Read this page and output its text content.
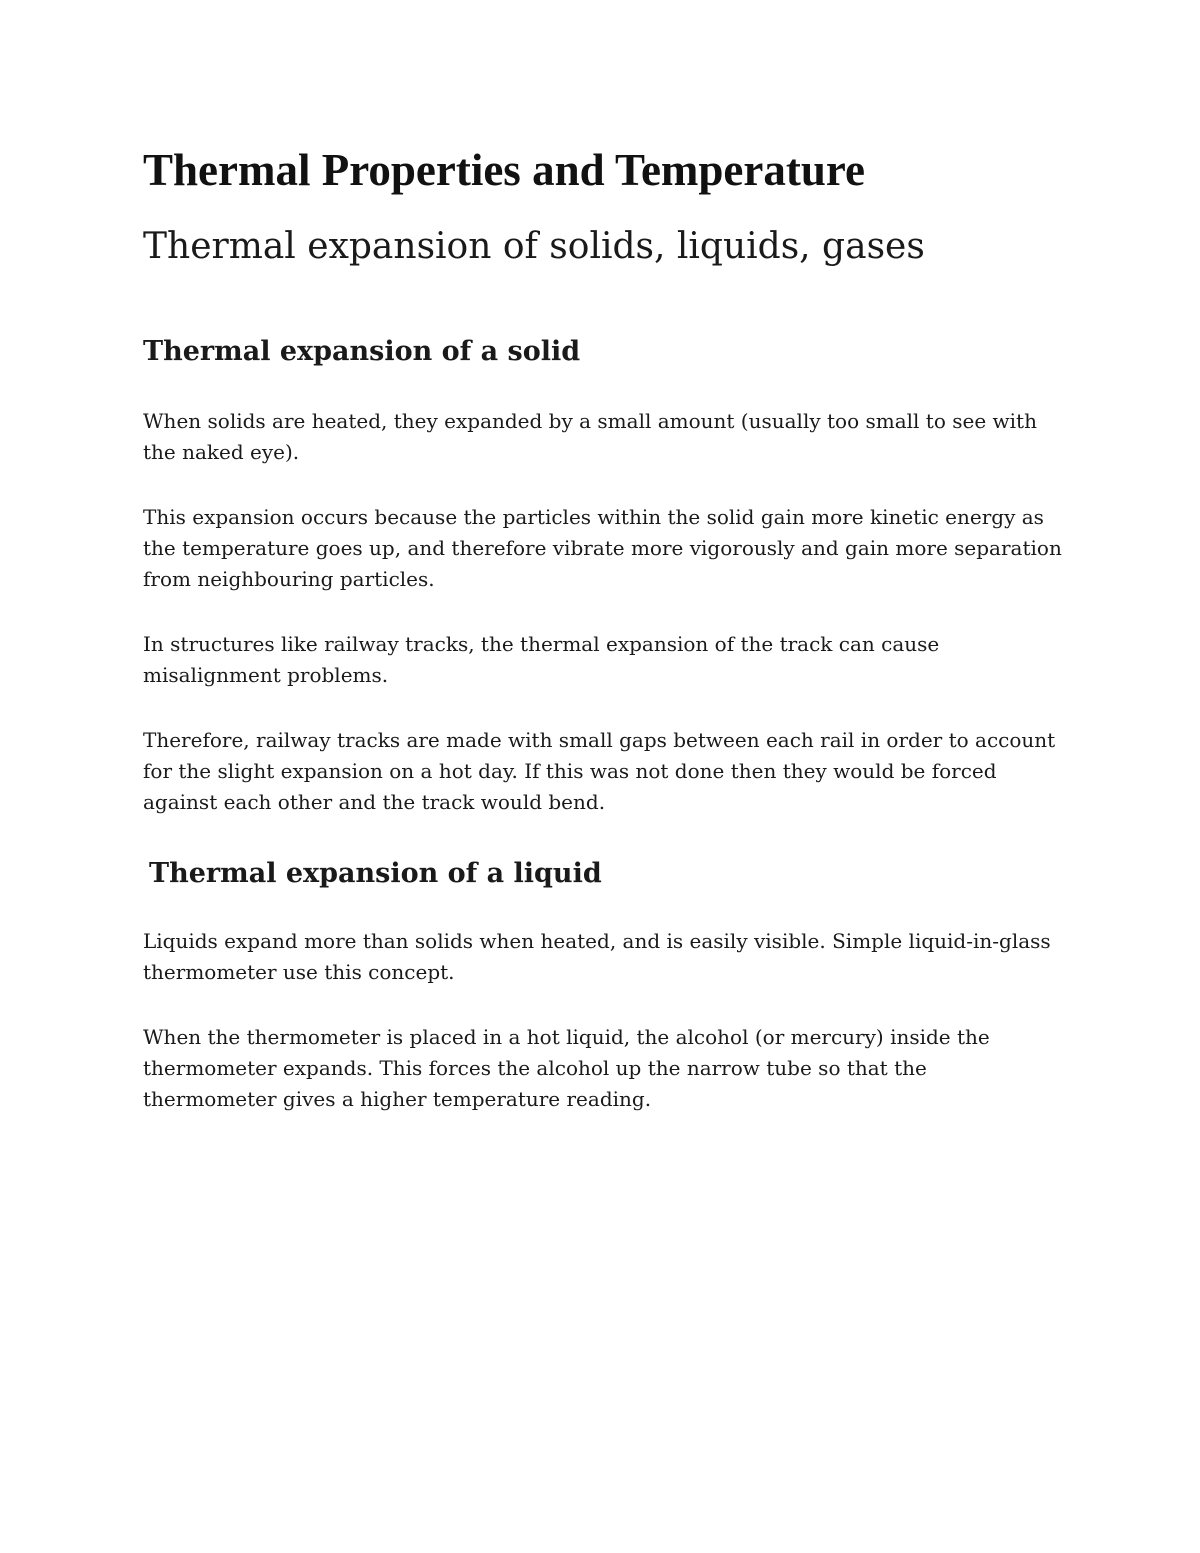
Thermal Properties and Temperature
Thermal expansion of solids, liquids, gases
Thermal expansion of a solid

When solids are heated, they expanded by a small amount (usually too small to see with the naked eye).

This expansion occurs because the particles within the solid gain more kinetic energy as the temperature goes up, and therefore vibrate more vigorously and gain more separation from neighbouring particles.

In structures like railway tracks, the thermal expansion of the track can cause misalignment problems.

Therefore, railway tracks are made with small gaps between each rail in order to account for the slight expansion on a hot day. If this was not done then they would be forced against each other and the track would bend.

Thermal expansion of a liquid

Liquids expand more than solids when heated, and is easily visible. Simple liquid-in-glass thermometer use this concept.

When the thermometer is placed in a hot liquid, the alcohol (or mercury) inside the thermometer expands. This forces the alcohol up the narrow tube so that the thermometer gives a higher temperature reading.
